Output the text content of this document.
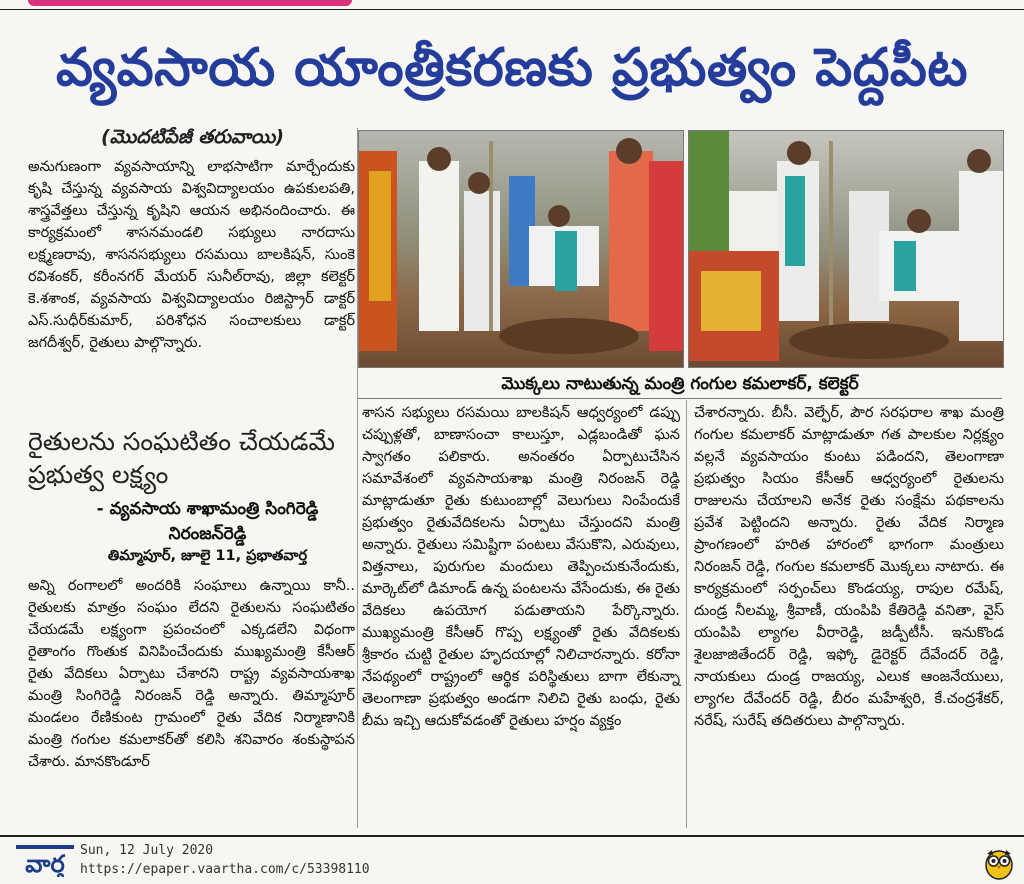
వ్యవసాయ యాంత్రీకరణకు ప్రభుత్వం పెద్దపీట
(మొదటిపేజీ తరువాయి)

అనుగుణంగా వ్యవసాయాన్ని లాభసాటిగా మార్చేందుకు కృషి చేస్తున్న వ్యవసాయ విశ్వవిద్యాలయం ఉపకులపతి, శాస్త్రవేత్తలు చేస్తున్న కృషిని ఆయన అభినందించారు. ఈ కార్యక్రమంలో శాసనమండలి సభ్యులు నారదాసు లక్ష్మణరావు, శాసనసభ్యులు రసమయి బాలకిషన్, సుంకె రవిశంకర్, కరీంనగర్ మేయర్ సునీల్‌రావు, జిల్లా కలెక్టర్ కె.శశాంక, వ్యవసాయ విశ్వవిద్యాలయం రిజిస్ట్రార్ డాక్టర్ ఎస్.సుధీర్‌కుమార్, పరిశోధన సంచాలకులు డాక్టర్ జగదీశ్వర్, రైతులు పాల్గొన్నారు.

రైతులను సంఘటితం చేయడమే ప్రభుత్వ లక్ష్యం
- వ్యవసాయ శాఖామంత్రి సింగిరెడ్డి నిరంజన్‌రెడ్డి
తిమ్మాపూర్, జూలై 11, ప్రభాతవార్త

అన్ని రంగాలలో అందరికి సంఘాలు ఉన్నాయి కానీ.. రైతులకు మాత్రం సంఘం లేదని రైతులను సంఘటితం చేయడమే లక్ష్యంగా ప్రపంచంలో ఎక్కడలేని విధంగా రైతాంగం గొంతుక వినిపించేందుకు ముఖ్యమంత్రి కేసీఆర్ రైతు వేదికలు ఏర్పాటు చేశారని రాష్ట్ర వ్యవసాయశాఖ మంత్రి సింగిరెడ్డి నిరంజన్ రెడ్డి అన్నారు. తిమ్మాపూర్ మండలం రేణికుంట గ్రామంలో రైతు వేదిక నిర్మాణానికి మంత్రి గంగుల కమలాకర్‌తో కలిసి శనివారం శంకుస్థాపన చేశారు. మానకొండూర్

మొక్కలు నాటుతున్న మంత్రి గంగుల కమలాకర్, కలెక్టర్

శాసన సభ్యులు రసమయి బాలకిషన్ ఆధ్వర్యంలో డప్పు చప్పుళ్లతో, బాణాసంచా కాలుస్తూ, ఎడ్లబండితో ఘన స్వాగతం పలికారు. అనంతరం ఏర్పాటుచేసిన సమావేశంలో వ్యవసాయశాఖ మంత్రి నిరంజన్ రెడ్డి మాట్లాడుతూ రైతు కుటుంబాల్లో వెలుగులు నింపేందుకే ప్రభుత్వం రైతువేదికలను ఏర్పాటు చేస్తుందని మంత్రి అన్నారు. రైతులు సమిష్టిగా పంటలు వేసుకొని, ఎరువులు, విత్తనాలు, పురుగుల మందులు తెప్పించుకునేందుకు, మార్కెట్‌లో డిమాండ్ ఉన్న పంటలను వేసేందుకు, ఈ రైతు వేదికలు ఉపయోగ పడుతాయని పేర్కొన్నారు. ముఖ్యమంత్రి కేసీఆర్ గొప్ప లక్ష్యంతో రైతు వేదికలకు శ్రీకారం చుట్టి రైతుల హృదయాల్లో నిలిచారన్నారు. కరోనా నేపథ్యంలో రాష్ట్రంలో ఆర్థిక పరిస్థితులు బాగా లేకున్నా తెలంగాణా ప్రభుత్వం అండగా నిలిచి రైతు బంధు, రైతు బీమ ఇచ్చి ఆదుకోవడంతో రైతులు హర్షం వ్యక్తం

చేశారన్నారు. బీసీ. వెల్ఫేర్, పౌర సరఫరాల శాఖ మంత్రి గంగుల కమలాకర్ మాట్లాడుతూ గత పాలకుల నిర్లక్ష్యం వల్లనే వ్యవసాయం కుంటు పడిందని, తెలంగాణా ప్రభుత్వం సియం కేసీఆర్ ఆధ్వర్యంలో రైతులను రాజులను చేయాలని అనేక రైతు సంక్షేమ పథకాలను ప్రవేశ పెట్టిందని అన్నారు. రైతు వేదిక నిర్మాణ ప్రాంగణంలో హరిత హారంలో భాగంగా మంత్రులు నిరంజన్ రెడ్డి, గంగుల కమలాకర్ మొక్కలు నాటారు. ఈ కార్యక్రమంలో సర్పంచ్‌లు కొండయ్య, రాపుల రమేష్, దుండ్ర నీలమ్మ, శ్రీవాణీ, యంపిపి కేతిరెడ్డి వనితా, వైస్ యంపిపి ల్యాగల వీరారెడ్డి, జడ్పీటీసీ. ఇనుకొండ శైలజాజితేందర్ రెడ్డి, ఇఫ్కో డైరెక్టర్ దేవేందర్ రెడ్డి, నాయకులు దుండ్ర రాజయ్య, ఎలుక ఆంజనేయులు, ల్యాగల దేవేందర్ రెడ్డి, బీరం మహేశ్వరి, కే.చంద్రశేకర్, నరేష్, సురేష్ తదితరులు పాల్గొన్నారు.

వార్త Sun, 12 July 2020
https://epaper.vaartha.com/c/53398110
